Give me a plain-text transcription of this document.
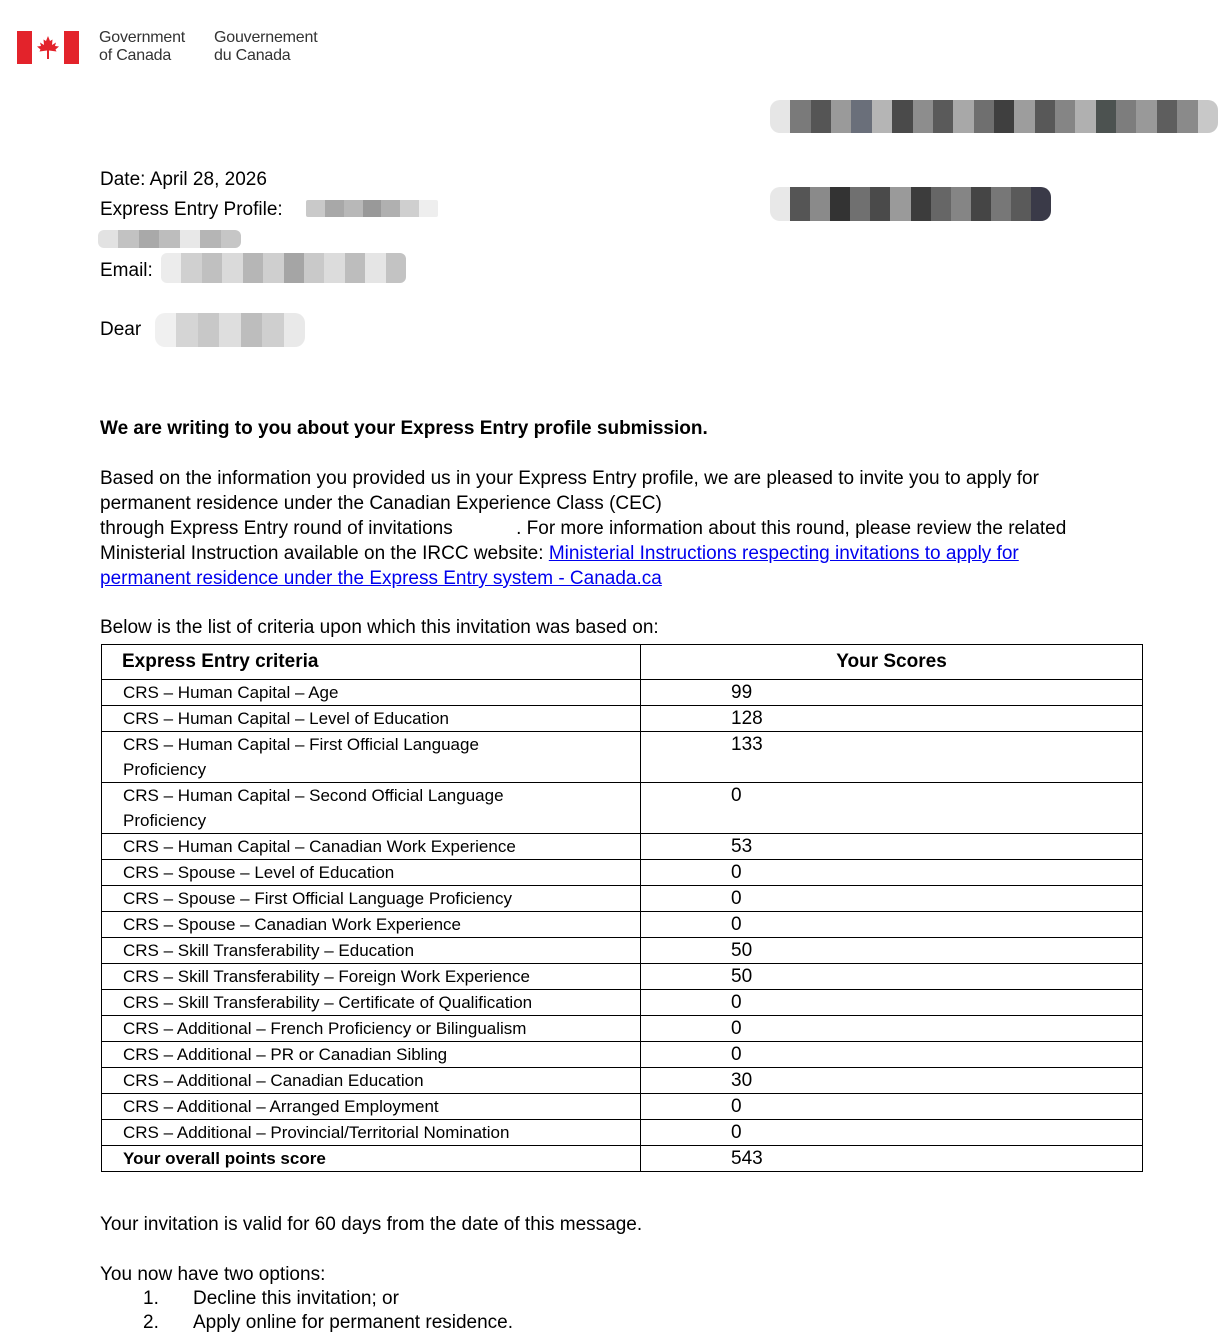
Government
of Canada
Gouvernement
du Canada
Date: April 28, 2026
Express Entry Profile:
Email:
Dear
We are writing to you about your Express Entry profile submission.
Based on the information you provided us in your Express Entry profile, we are pleased to invite you to apply for
permanent residence under the Canadian Experience Class (CEC)
through Express Entry round of invitations            . For more information about this round, please review the related
Ministerial Instruction available on the IRCC website: Ministerial Instructions respecting invitations to apply for
permanent residence under the Express Entry system - Canada.ca
Below is the list of criteria upon which this invitation was based on:
Express Entry criteria	Your Scores
CRS – Human Capital – Age	99
CRS – Human Capital – Level of Education	128

CRS – Human Capital – First Official Language
Proficiency	133

CRS – Human Capital – Second Official Language
Proficiency	0
CRS – Human Capital – Canadian Work Experience	53
CRS – Spouse – Level of Education	0
CRS – Spouse – First Official Language Proficiency	0
CRS – Spouse – Canadian Work Experience	0
CRS – Skill Transferability – Education	50
CRS – Skill Transferability – Foreign Work Experience	50
CRS – Skill Transferability – Certificate of Qualification	0
CRS – Additional – French Proficiency or Bilingualism	0
CRS – Additional – PR or Canadian Sibling	0
CRS – Additional – Canadian Education	30
CRS – Additional – Arranged Employment	0
CRS – Additional – Provincial/Territorial Nomination	0
Your overall points score	543
Your invitation is valid for 60 days from the date of this message.
You now have two options:
1. Decline this invitation; or
2. Apply online for permanent residence.
